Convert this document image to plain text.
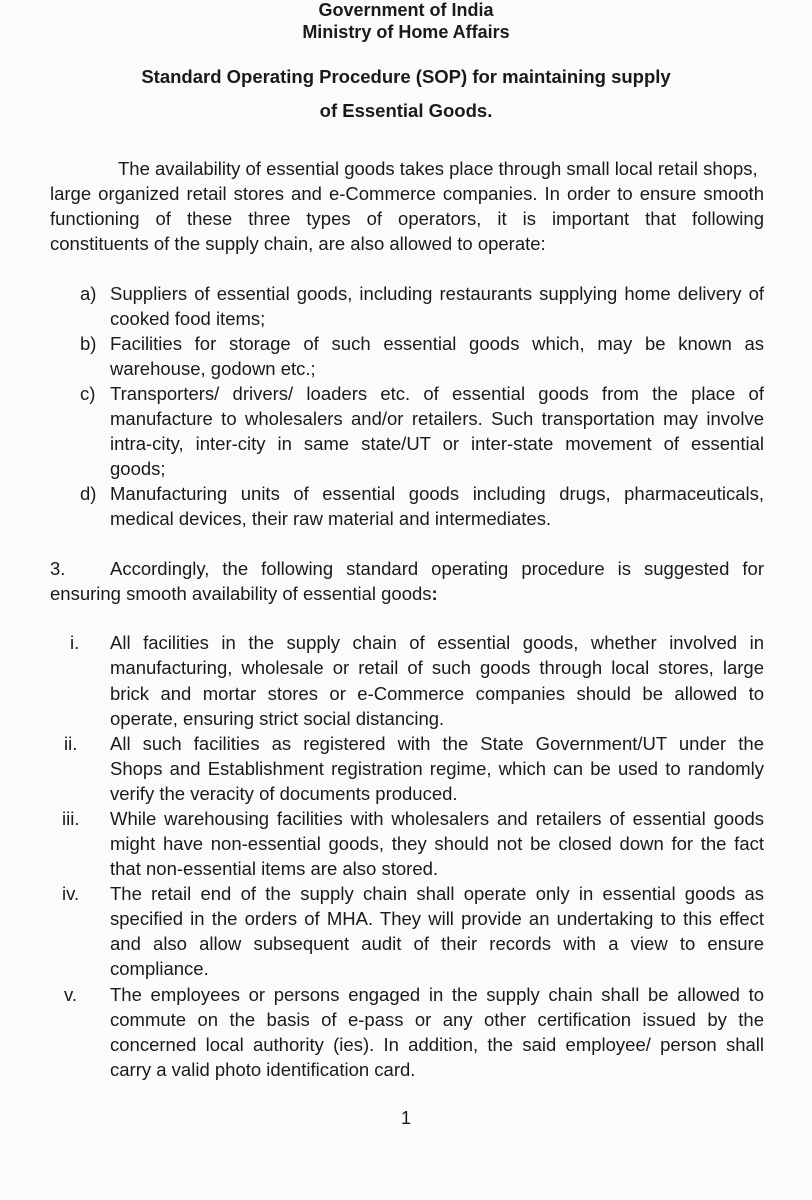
Government of India
Ministry of Home Affairs
Standard Operating Procedure (SOP) for maintaining supply
of Essential Goods.
The availability of essential goods takes place through small local retail shops,
large organized retail stores and e-Commerce companies. In order to ensure smooth
functioning of these three types of operators, it is important that following
constituents of the supply chain, are also allowed to operate:
a) Suppliers of essential goods, including restaurants supplying home delivery of
cooked food items;
b) Facilities for storage of such essential goods which, may be known as
warehouse, godown etc.;
c) Transporters/ drivers/ loaders etc. of essential goods from the place of
manufacture to wholesalers and/or retailers. Such transportation may involve
intra-city, inter-city in same state/UT or inter-state movement of essential
goods;
d) Manufacturing units of essential goods including drugs, pharmaceuticals,
medical devices, their raw material and intermediates.
3. Accordingly, the following standard operating procedure is suggested for
ensuring smooth availability of essential goods:
i. All facilities in the supply chain of essential goods, whether involved in
manufacturing, wholesale or retail of such goods through local stores, large
brick and mortar stores or e-Commerce companies should be allowed to
operate, ensuring strict social distancing.
ii. All such facilities as registered with the State Government/UT under the
Shops and Establishment registration regime, which can be used to randomly
verify the veracity of documents produced.
iii. While warehousing facilities with wholesalers and retailers of essential goods
might have non-essential goods, they should not be closed down for the fact
that non-essential items are also stored.
iv. The retail end of the supply chain shall operate only in essential goods as
specified in the orders of MHA. They will provide an undertaking to this effect
and also allow subsequent audit of their records with a view to ensure
compliance.
v. The employees or persons engaged in the supply chain shall be allowed to
commute on the basis of e-pass or any other certification issued by the
concerned local authority (ies). In addition, the said employee/ person shall
carry a valid photo identification card.
1
